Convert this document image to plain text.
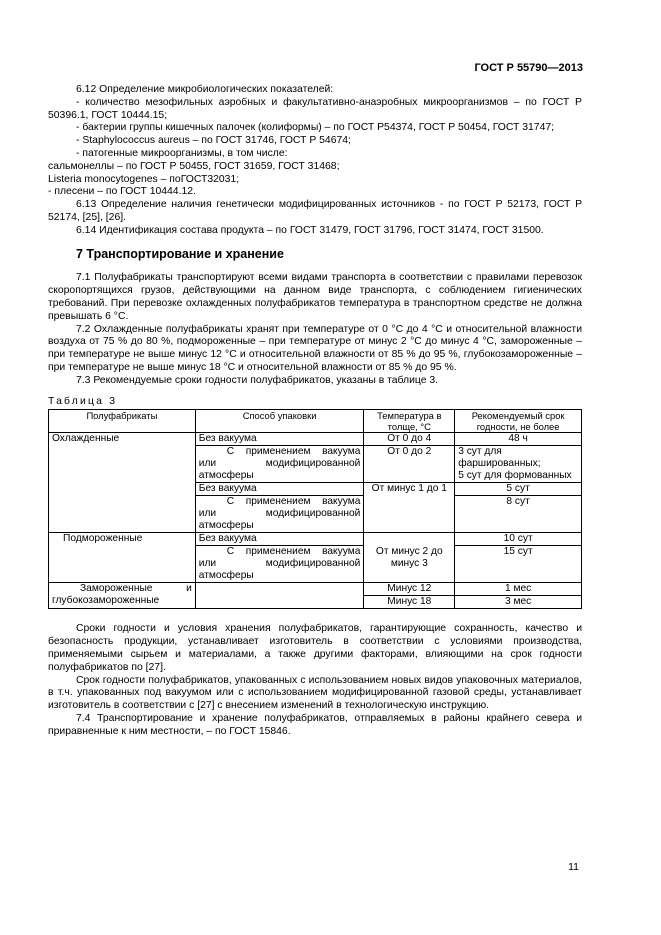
ГОСТ Р 55790—2013

6.12 Определение микробиологических показателей:

- количество мезофильных аэробных и факультативно-анаэробных микроорганизмов – по ГОСТ Р 50396.1, ГОСТ 10444.15;

- бактерии группы кишечных палочек (колиформы) – по ГОСТ Р54374, ГОСТ Р 50454, ГОСТ 31747;

- Staphylococcus aureus – по ГОСТ 31746, ГОСТ Р 54674;

- патогенные микроорганизмы, в том числе:

сальмонеллы – по ГОСТ Р 50455, ГОСТ 31659, ГОСТ 31468;

Listeria monocytogenes – поГОСТ32031;

- плесени – по ГОСТ 10444.12.

6.13 Определение наличия генетически модифицированных источников - по ГОСТ Р 52173, ГОСТ Р 52174, [25], [26].

6.14 Идентификация состава продукта – по ГОСТ 31479, ГОСТ 31796, ГОСТ 31474, ГОСТ 31500.

7 Транспортирование и хранение

7.1 Полуфабрикаты транспортируют всеми видами транспорта в соответствии с правилами перевозок скоропортящихся грузов, действующими на данном виде транспорта, с соблюдением гигиенических требований. При перевозке охлажденных полуфабрикатов температура в транспортном средстве не должна превышать 6 °С.

7.2 Охлажденные полуфабрикаты хранят при температуре от 0 °С до 4 °С и относительной влажности воздуха от 75 % до 80 %, подмороженные – при температуре от минус 2 °С до минус 4 °С, замороженные – при температуре не выше минус 12 °С и относительной влажности от 85 % до 95 %, глубокозамороженные – при температуре не выше минус 18 °С и относительной влажности от 85 % до 95 %.

7.3 Рекомендуемые сроки годности полуфабрикатов, указаны в таблице 3.

Таблица 3
Полуфабрикаты	Способ упаковки	Температура в толще, °С	Рекомендуемый срок годности, не более
Охлажденные	Без вакуума	От 0 до 4	48 ч
	С применением вакуума или модифицированной атмосферы	От 0 до 2	3 сут для фаршированных;
5 сут для формованных

	Без вакуума	От минус 1 до 1	5 сут
	С применением вакуума или модифицированной атмосферы		8 сут
Подмороженные	Без вакуума	От минус 2 до минус 3	10 сут
	С применением вакуума или модифицированной атмосферы		15 сут
Замороженные и глубокозамороженные		Минус 12	1 мес
		Минус 18	3 мес

Сроки годности и условия хранения полуфабрикатов, гарантирующие сохранность, качество и безопасность продукции, устанавливает изготовитель в соответствии с условиями производства, применяемыми сырьем и материалами, а также другими факторами, влияющими на срок годности полуфабрикатов по [27].

Срок годности полуфабрикатов, упакованных с использованием новых видов упаковочных материалов, в т.ч. упакованных под вакуумом или с использованием модифицированной газовой среды, устанавливает изготовитель в соответствии с [27] с внесением изменений в технологическую инструкцию.

7.4 Транспортирование и хранение полуфабрикатов, отправляемых в районы крайнего севера и приравненные к ним местности, – по ГОСТ 15846.

11
